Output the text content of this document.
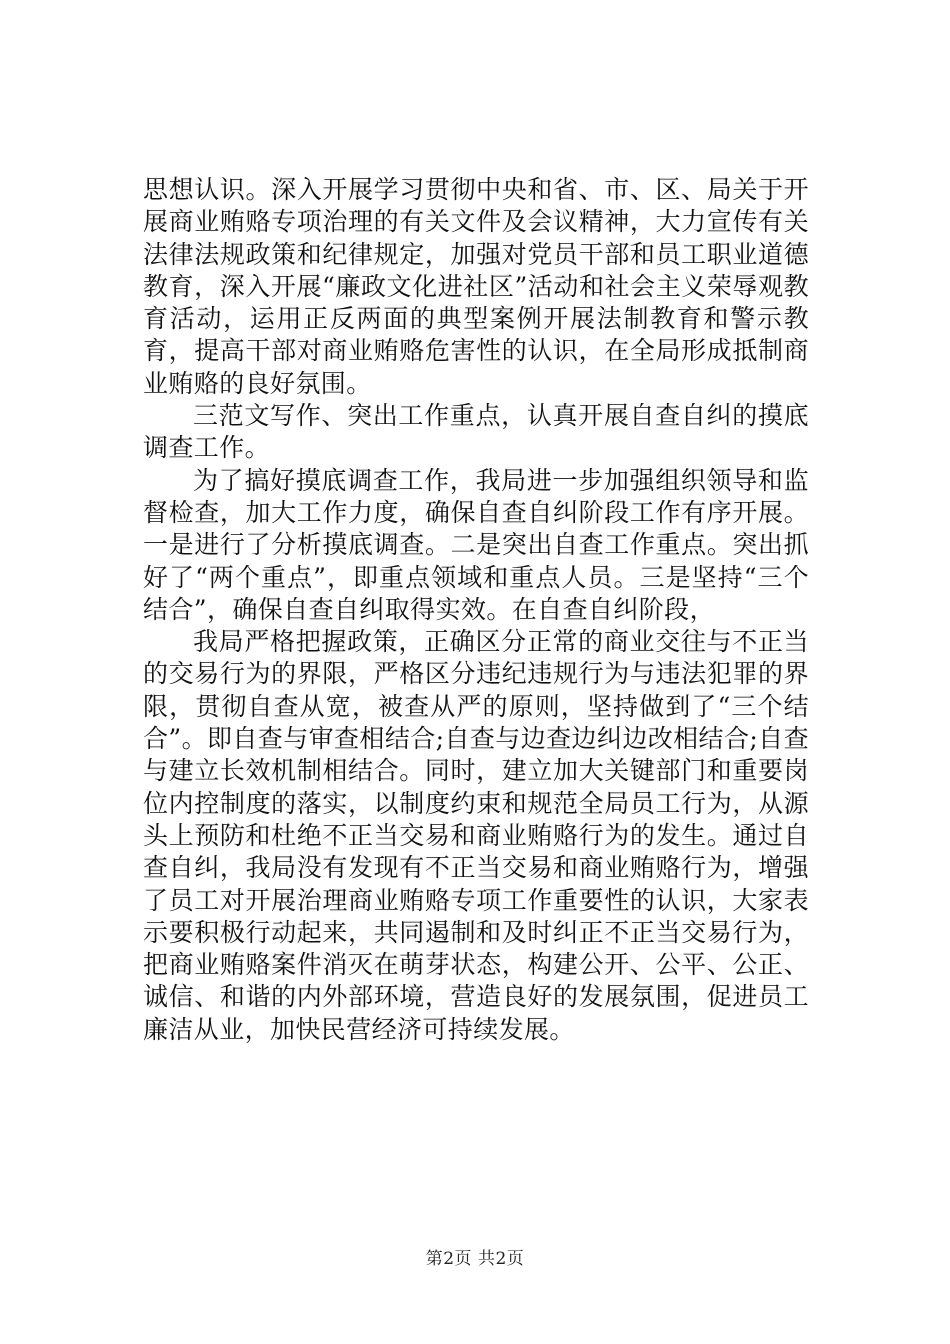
思想认识。深入开展学习贯彻中央和省、市、区、局关于开展商业贿赂专项治理的有关文件及会议精神，大力宣传有关法律法规政策和纪律规定，加强对党员干部和员工职业道德教育，深入开展“廉政文化进社区”活动和社会主义荣辱观教育活动，运用正反两面的典型案例开展法制教育和警示教育，提高干部对商业贿赂危害性的认识，在全局形成抵制商业贿赂的良好氛围。

三范文写作、突出工作重点，认真开展自查自纠的摸底调查工作。

为了搞好摸底调查工作，我局进一步加强组织领导和监督检查，加大工作力度，确保自查自纠阶段工作有序开展。一是进行了分析摸底调查。二是突出自查工作重点。突出抓好了“两个重点”，即重点领域和重点人员。三是坚持“三个结合”，确保自查自纠取得实效。在自查自纠阶段，

我局严格把握政策，正确区分正常的商业交往与不正当的交易行为的界限，严格区分违纪违规行为与违法犯罪的界限，贯彻自查从宽，被查从严的原则，坚持做到了“三个结合”。即自查与审查相结合;自查与边查边纠边改相结合;自查与建立长效机制相结合。同时，建立加大关键部门和重要岗位内控制度的落实，以制度约束和规范全局员工行为，从源头上预防和杜绝不正当交易和商业贿赂行为的发生。通过自查自纠，我局没有发现有不正当交易和商业贿赂行为，增强了员工对开展治理商业贿赂专项工作重要性的认识，大家表示要积极行动起来，共同遏制和及时纠正不正当交易行为，把商业贿赂案件消灭在萌芽状态，构建公开、公平、公正、诚信、和谐的内外部环境，营造良好的发展氛围，促进员工廉洁从业，加快民营经济可持续发展。

第2页 共2页
